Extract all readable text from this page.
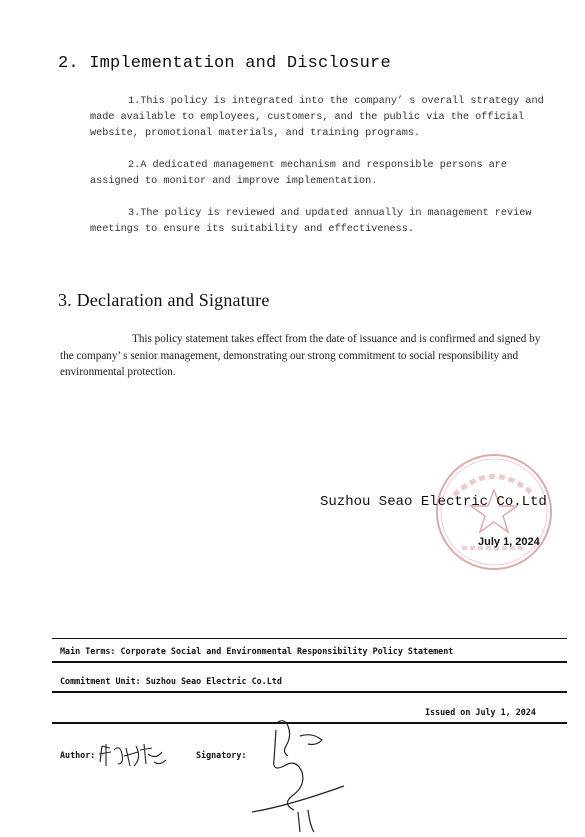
2. Implementation and Disclosure
1.This policy is integrated into the company’ s overall strategy and made available to employees, customers, and the public via the official website, promotional materials, and training programs.
2.A dedicated management mechanism and responsible persons are assigned to monitor and improve implementation.
3.The policy is reviewed and updated annually in management review meetings to ensure its suitability and effectiveness.
3. Declaration and Signature
This policy statement takes effect from the date of issuance and is confirmed and signed by the company’ s senior management, demonstrating our strong commitment to social responsibility and environmental protection.
Suzhou Seao Electric Co.Ltd
July 1, 2024
Main Terms: Corporate Social and Environmental Responsibility Policy Statement
Commitment Unit: Suzhou Seao Electric Co.Ltd
Issued on July 1, 2024
Author:	Signatory:
